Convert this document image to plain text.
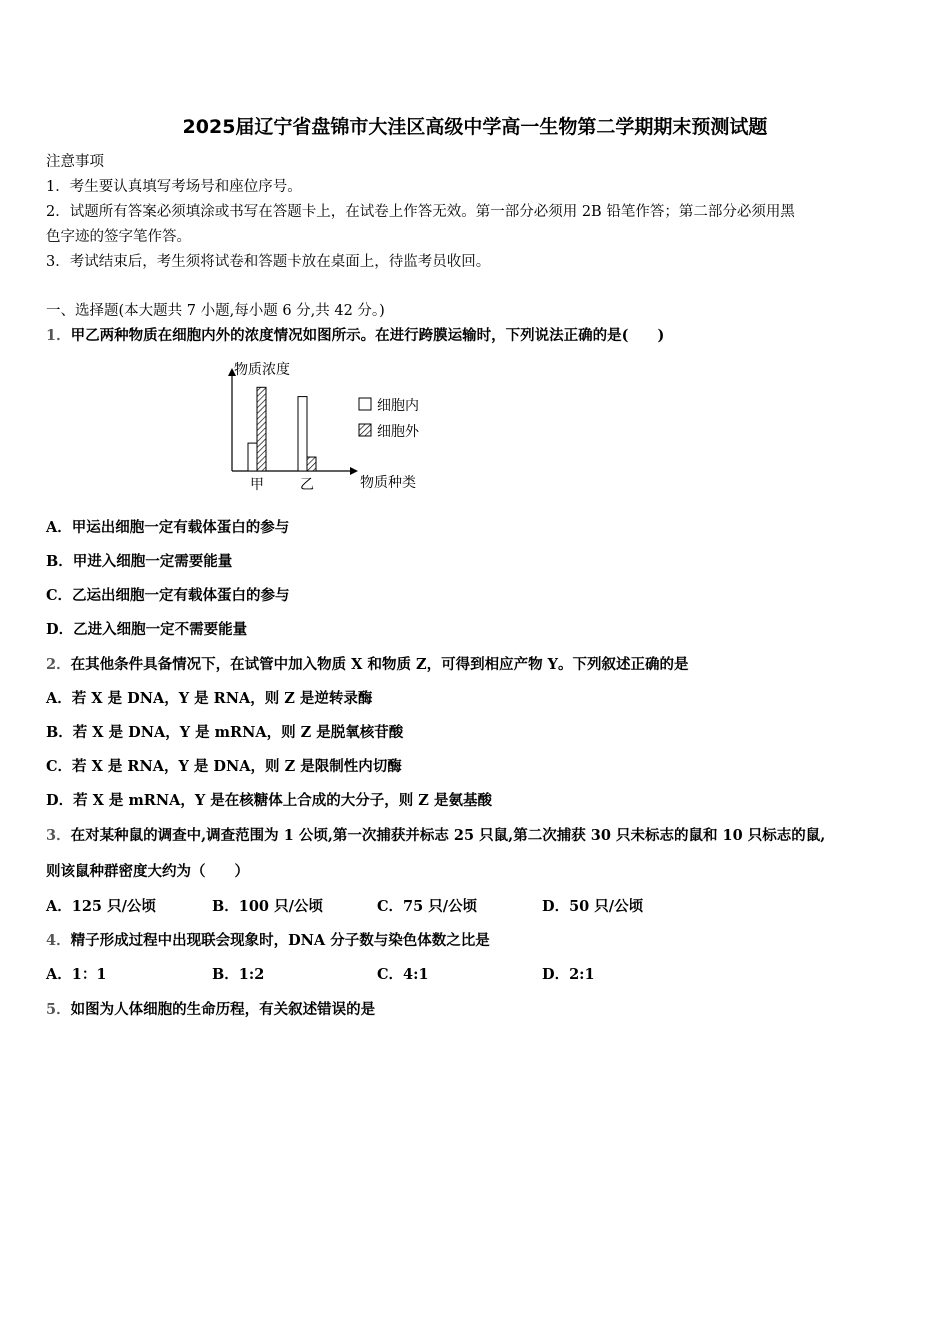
2025届辽宁省盘锦市大洼区高级中学高一生物第二学期期末预测试题
注意事项
1．考生要认真填写考场号和座位序号。
2．试题所有答案必须填涂或书写在答题卡上，在试卷上作答无效。第一部分必须用 2B 铅笔作答；第二部分必须用黑
色字迹的签字笔作答。
3．考试结束后，考生须将试卷和答题卡放在桌面上，待监考员收回。
一、选择题(本大题共 7 小题,每小题 6 分,共 42 分。)
1．甲乙两种物质在细胞内外的浓度情况如图所示。在进行跨膜运输时，下列说法正确的是(　　)
物质浓度
物质种类
甲	乙
细胞内
细胞外
A．甲运出细胞一定有载体蛋白的参与
B．甲进入细胞一定需要能量
C．乙运出细胞一定有载体蛋白的参与
D．乙进入细胞一定不需要能量
2．在其他条件具备情况下，在试管中加入物质 X 和物质 Z，可得到相应产物 Y。下列叙述正确的是
A．若 X 是 DNA，Y 是 RNA，则 Z 是逆转录酶
B．若 X 是 DNA，Y 是 mRNA，则 Z 是脱氧核苷酸
C．若 X 是 RNA，Y 是 DNA，则 Z 是限制性内切酶
D．若 X 是 mRNA，Y 是在核糖体上合成的大分子，则 Z 是氨基酸
3．在对某种鼠的调查中,调查范围为 1 公顷,第一次捕获并标志 25 只鼠,第二次捕获 30 只未标志的鼠和 10 只标志的鼠,
则该鼠种群密度大约为（　　）
A．125 只/公顷	B．100 只/公顷	C．75 只/公顷	D．50 只/公顷
4．精子形成过程中出现联会现象时，DNA 分子数与染色体数之比是
A．1：1	B．1:2	C．4:1	D．2:1
5．如图为人体细胞的生命历程，有关叙述错误的是
